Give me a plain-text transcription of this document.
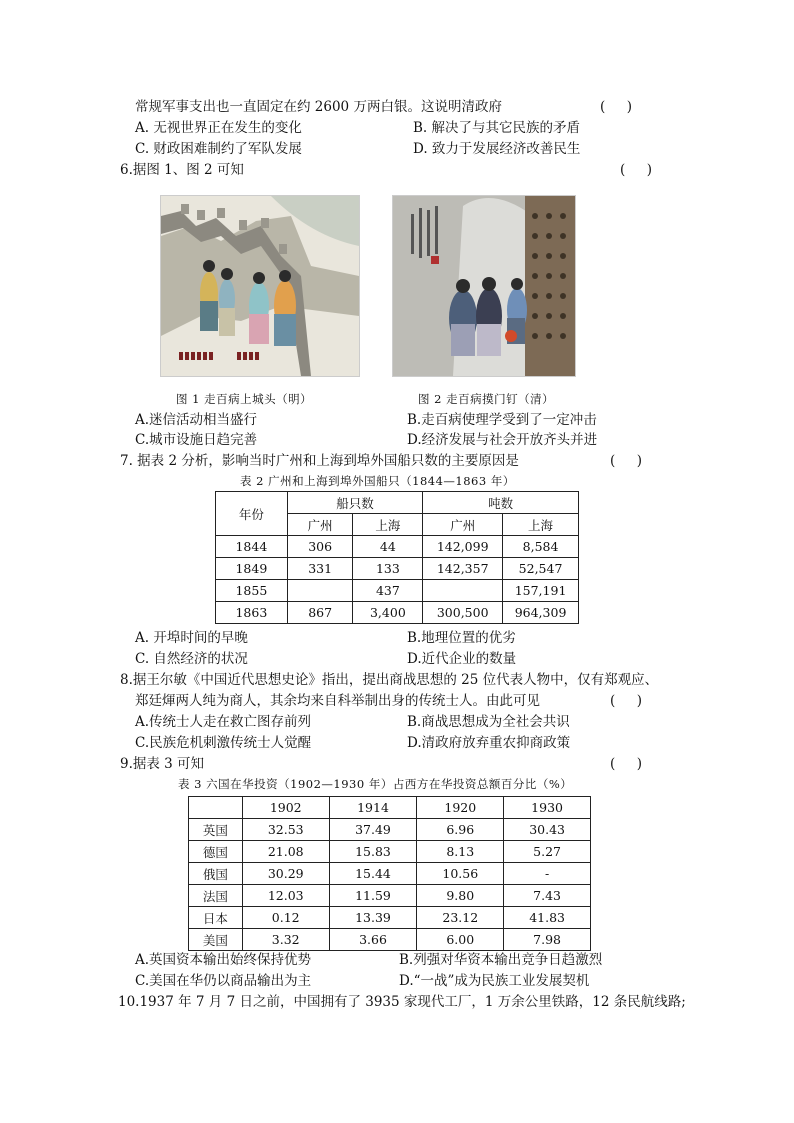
常规军事支出也一直固定在约 2600 万两白银。这说明清政府	(     )
A. 无视世界正在发生的变化	B. 解决了与其它民族的矛盾
C. 财政困难制约了军队发展	D. 致力于发展经济改善民生
6.据图 1、图 2 可知	(     )
图 1 走百病上城头（明）	图 2 走百病摸门钉（清）
A.迷信活动相当盛行	B.走百病使理学受到了一定冲击
C.城市设施日趋完善	D.经济发展与社会开放齐头并进
7. 据表 2 分析，影响当时广州和上海到埠外国船只数的主要原因是	(     )
表 2 广州和上海到埠外国船只（1844—1863 年）
年份	船只数		吨数	
	广州	上海	广州	上海
1844	306	44	142,099	8,584
1849	331	133	142,357	52,547
1855		437		157,191
1863	867	3,400	300,500	964,309
A. 开埠时间的早晚	B.地理位置的优劣
C. 自然经济的状况	D.近代企业的数量
8.据王尔敏《中国近代思想史论》指出，提出商战思想的 25 位代表人物中，仅有郑观应、
郑廷煇两人纯为商人，其余均来自科举制出身的传统士人。由此可见	(     )
A.传统士人走在救亡图存前列	B.商战思想成为全社会共识
C.民族危机刺激传统士人觉醒	D.清政府放弃重农抑商政策
9.据表 3 可知	(     )
表 3 六国在华投资（1902—1930 年）占西方在华投资总额百分比（%）
	1902	1914	1920	1930
英国	32.53	37.49	6.96	30.43
德国	21.08	15.83	8.13	5.27
俄国	30.29	15.44	10.56	-
法国	12.03	11.59	9.80	7.43
日本	0.12	13.39	23.12	41.83
美国	3.32	3.66	6.00	7.98
A.英国资本输出始终保持优势	B.列强对华资本输出竞争日趋激烈
C.美国在华仍以商品输出为主	D.“一战”成为民族工业发展契机
10.1937 年 7 月 7 日之前，中国拥有了 3935 家现代工厂，1 万余公里铁路，12 条民航线路;
